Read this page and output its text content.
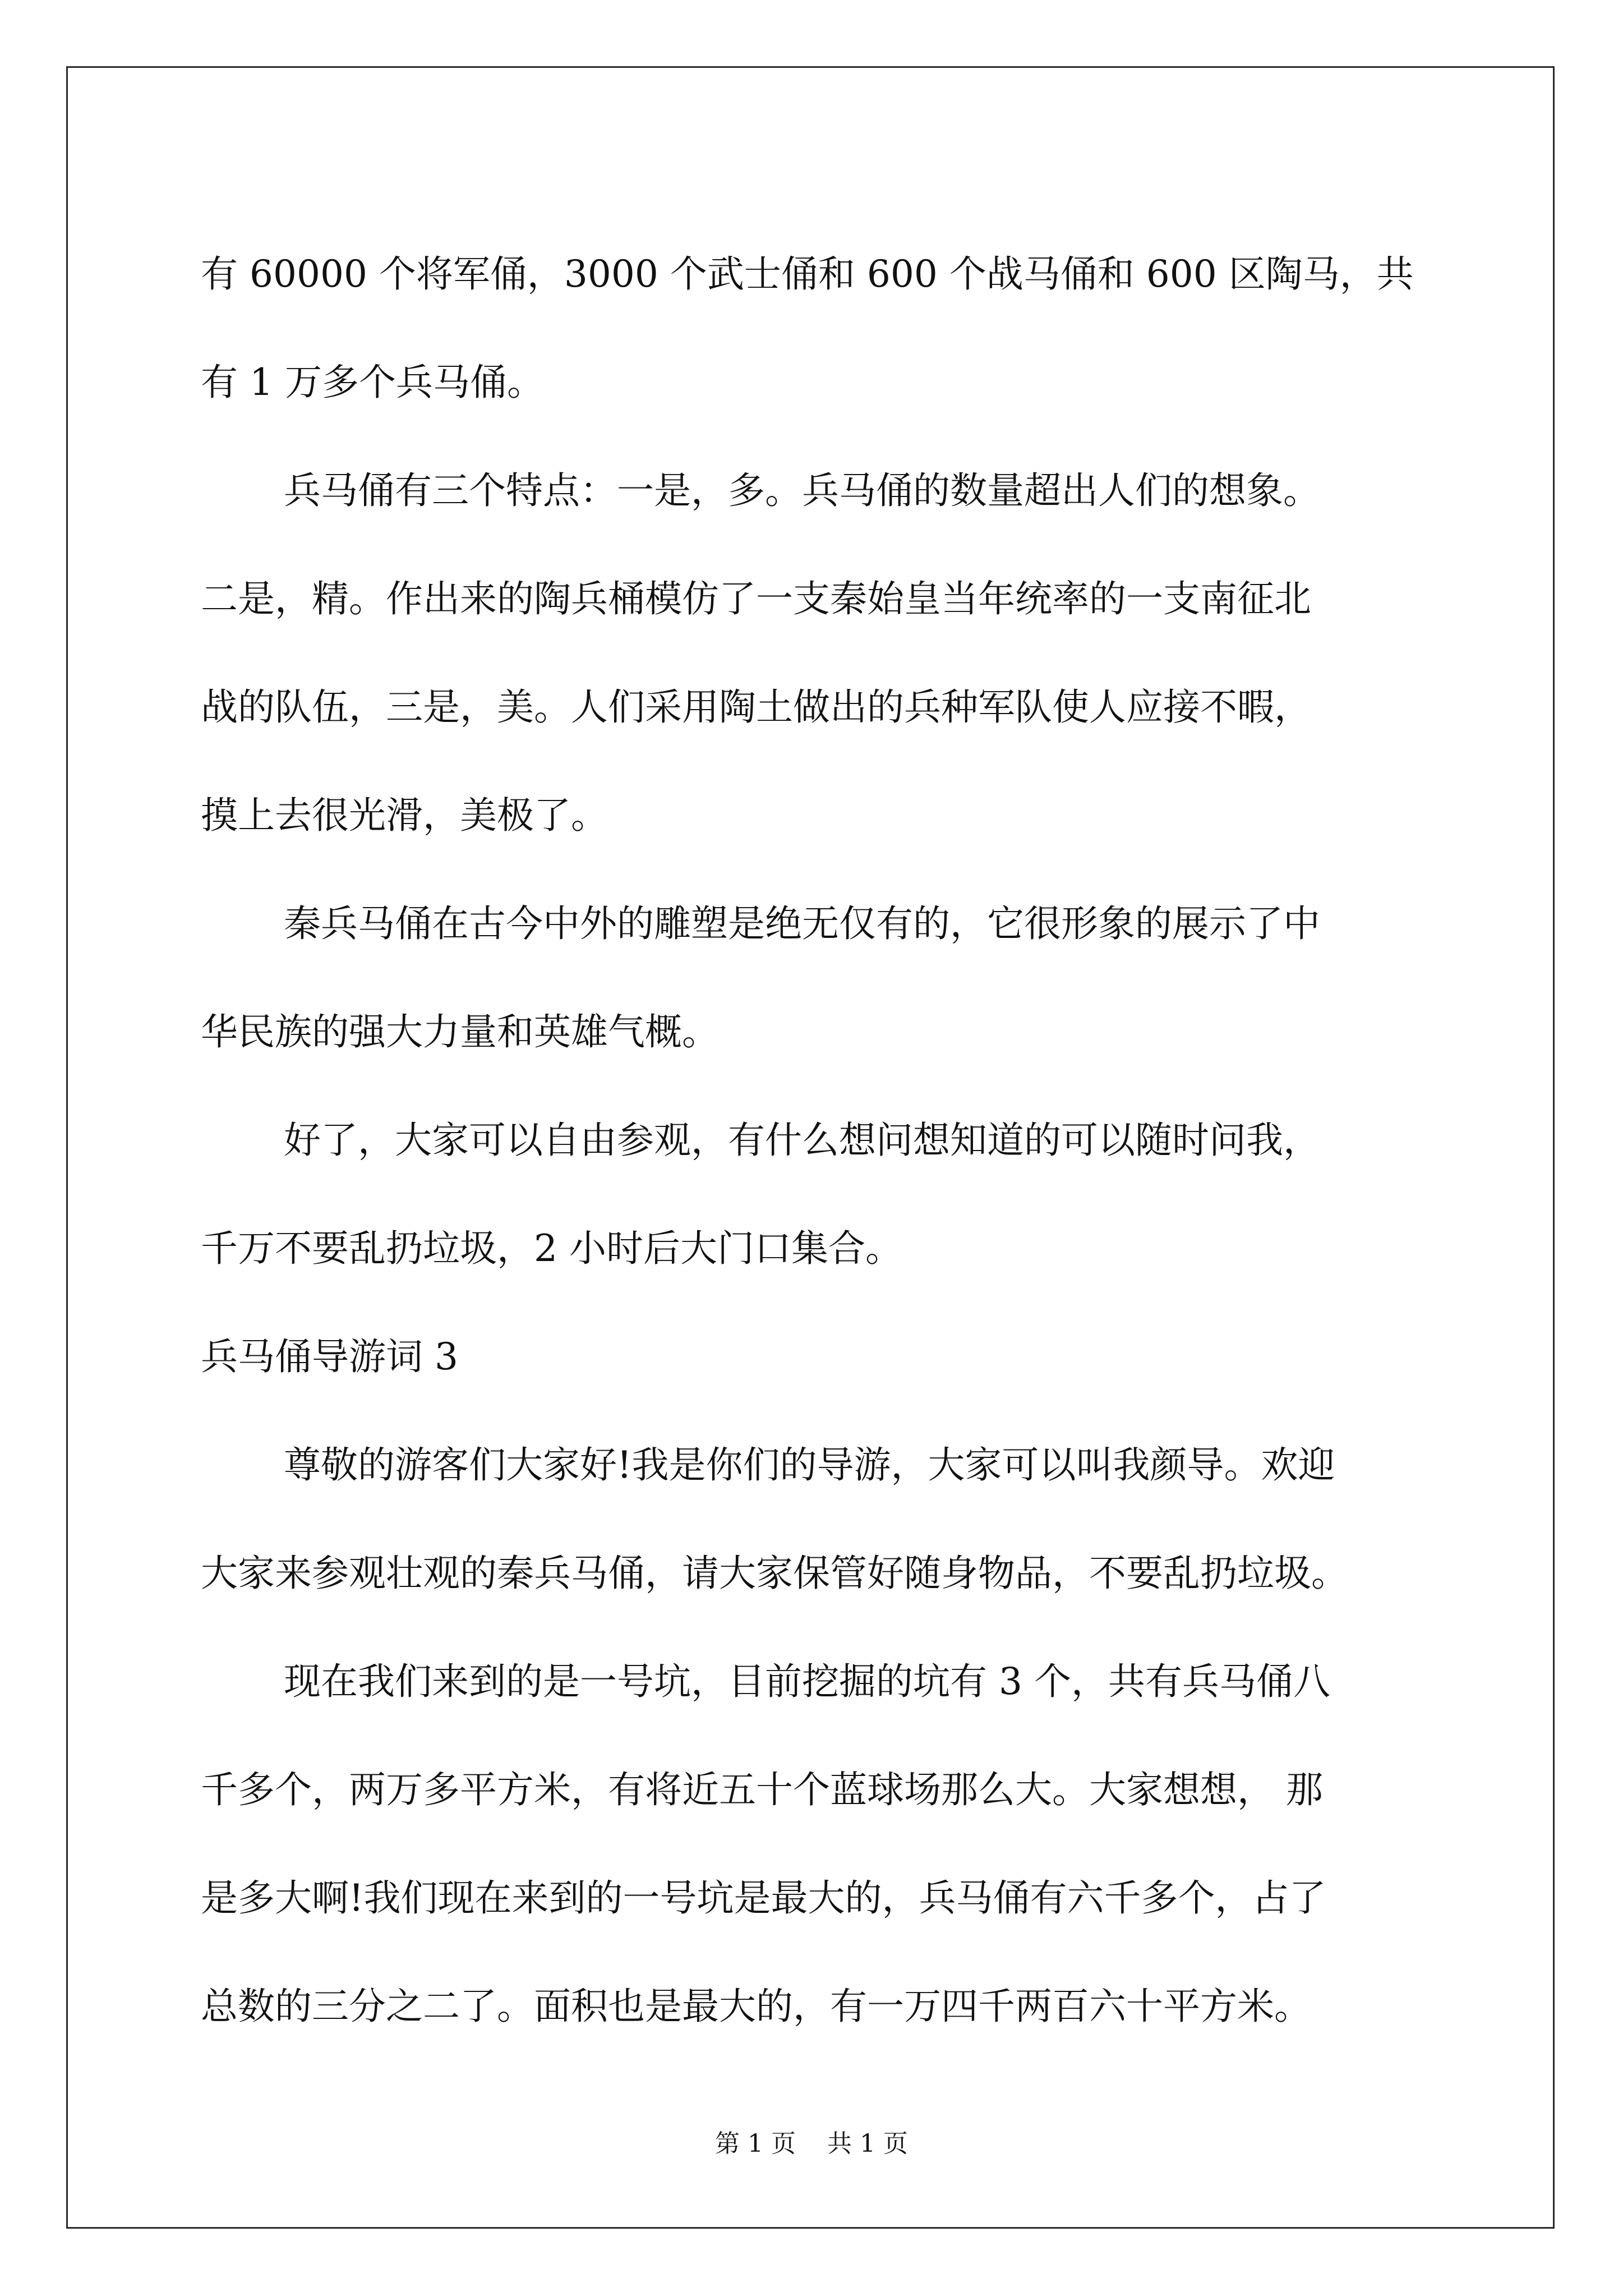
有 60000 个将军俑，3000 个武士俑和 600 个战马俑和 600 区陶马，共
有 1 万多个兵马俑。
兵马俑有三个特点：一是，多。兵马俑的数量超出人们的想象。
二是，精。作出来的陶兵桶模仿了一支秦始皇当年统率的一支南征北
战的队伍，三是，美。人们采用陶土做出的兵种军队使人应接不暇，
摸上去很光滑，美极了。
秦兵马俑在古今中外的雕塑是绝无仅有的，它很形象的展示了中
华民族的强大力量和英雄气概。
好了，大家可以自由参观，有什么想问想知道的可以随时问我，
千万不要乱扔垃圾，2 小时后大门口集合。
兵马俑导游词 3
尊敬的游客们大家好!我是你们的导游，大家可以叫我颜导。欢迎
大家来参观壮观的秦兵马俑，请大家保管好随身物品，不要乱扔垃圾。
现在我们来到的是一号坑，目前挖掘的坑有 3 个，共有兵马俑八
千多个，两万多平方米，有将近五十个蓝球场那么大。大家想想， 那
是多大啊!我们现在来到的一号坑是最大的，兵马俑有六千多个，占了
总数的三分之二了。面积也是最大的，有一万四千两百六十平方米。
第 1 页    共 1 页
